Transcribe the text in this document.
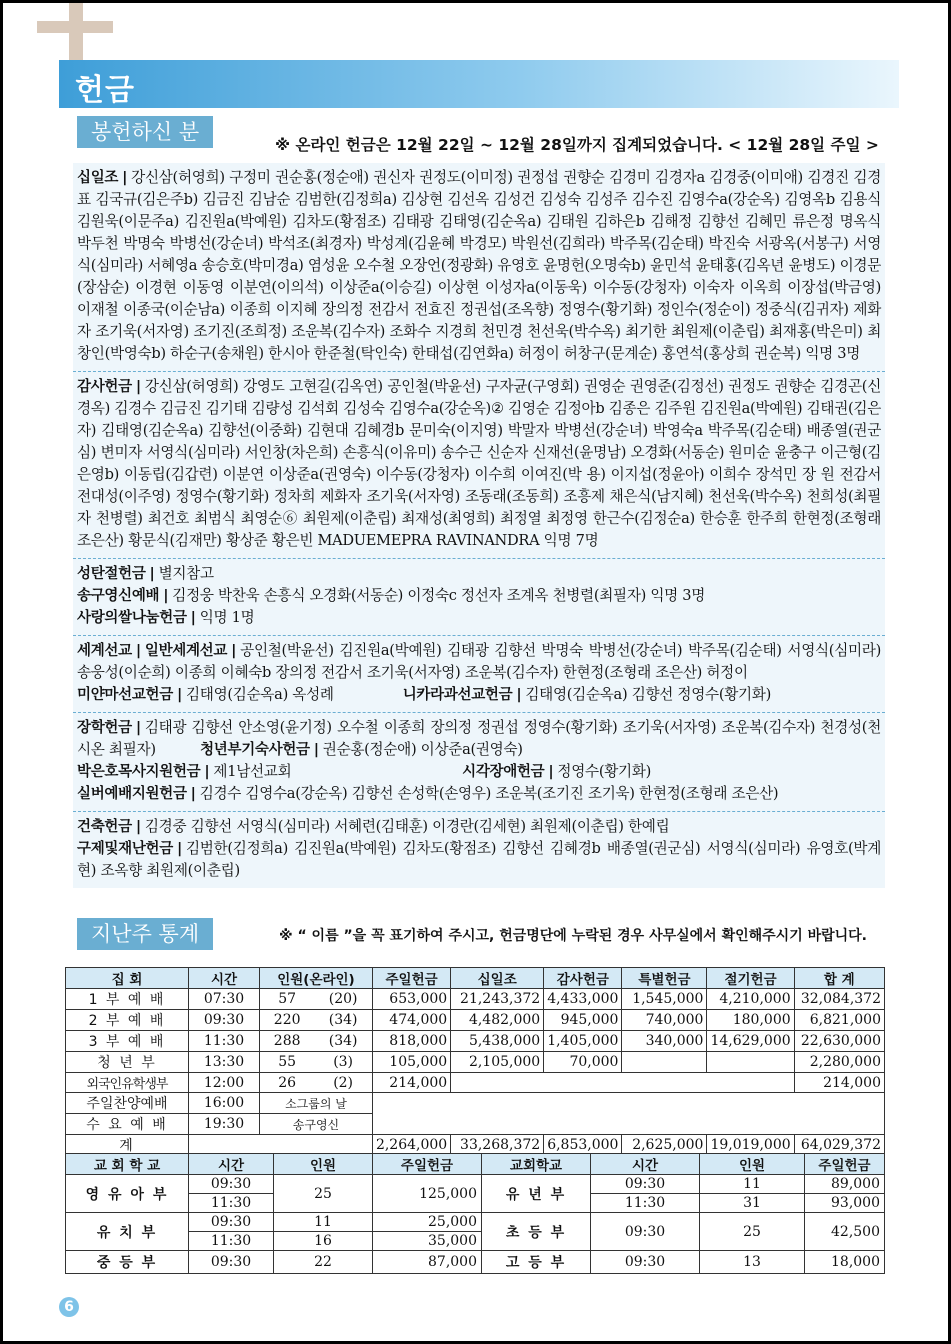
헌금
봉헌하신 분
※ 온라인 헌금은 12월 22일 ~ 12월 28일까지 집계되었습니다. < 12월 28일 주일 >

십일조 | 강신삼(허영희) 구정미 권순홍(정순애) 권신자 권정도(이미정) 권정섭 권향순 김경미 김경자a 김경중(이미애) 김경진 김경표 김국규(김은주b) 김금진 김남순 김범한(김정희a) 김상현 김선옥 김성건 김성숙 김성주 김수진 김영수a(강순옥) 김영옥b 김용식 김원욱(이문주a) 김진원a(박예원) 김차도(황점조) 김태광 김태영(김순옥a) 김태원 김하은b 김해정 김향선 김혜민 류은정 명옥식 박두천 박명숙 박병선(강순녀) 박석조(최경자) 박성계(김윤혜 박경모) 박원선(김희라) 박주목(김순태) 박진숙 서광옥(서봉구) 서영식(심미라) 서혜영a 송승호(박미경a) 염성윤 오수철 오장언(정광화) 유영호 윤명헌(오명숙b) 윤민석 윤태홍(김옥년 윤병도) 이경문(장삼순) 이경현 이동영 이분연(이의석) 이상준a(이승길) 이상현 이성자a(이동욱) 이수동(강청자) 이숙자 이옥희 이장섭(박금영) 이재철 이종국(이순남a) 이종희 이지혜 장의정 전감서 전효진 정권섭(조옥향) 정영수(황기화) 정인수(정순이) 정중식(김귀자) 제화자 조기욱(서자영) 조기진(조희정) 조운복(김수자) 조화수 지경희 천민경 천선욱(박수옥) 최기한 최원제(이춘립) 최재홍(박은미) 최창인(박영숙b) 하순구(송채원) 한시아 한준철(탁인숙) 한태섭(김연화a) 허정이 허창구(문계순) 홍연석(홍상희 권순복) 익명 3명

감사헌금 | 강신삼(허영희) 강영도 고현길(김옥연) 공인철(박윤선) 구자균(구영회) 권영순 권영준(김정선) 권정도 권향순 김경곤(신경옥) 김경수 김금진 김기태 김량성 김석회 김성숙 김영수a(강순옥)② 김영순 김정아b 김종은 김주원 김진원a(박예원) 김태권(김은자) 김태영(김순옥a) 김향선(이중화) 김현대 김혜경b 문미숙(이지영) 박말자 박병선(강순녀) 박영숙a 박주목(김순태) 배종열(권군심) 변미자 서영식(심미라) 서인창(차은희) 손흥식(이유미) 송수근 신순자 신재선(윤명남) 오경화(서동순) 원미순 윤충구 이근형(김은영b) 이동립(김갑련) 이분연 이상준a(권영숙) 이수동(강청자) 이수희 이여진(박 용) 이지섭(정윤아) 이희수 장석민 장 원 전감서 전대성(이주영) 정영수(황기화) 정차희 제화자 조기욱(서자영) 조동래(조동희) 조흥제 채은식(남지혜) 천선욱(박수옥) 천희성(최필자 천병렬) 최건호 최범식 최영순⑥ 최원제(이춘립) 최재성(최영희) 최정열 최정영 한근수(김정순a) 한승훈 한주희 한현정(조형래 조은산) 황문식(김재만) 황상준 황은빈 MADUEMEPRA RAVINANDRA 익명 7명

성탄절헌금 | 별지참고

송구영신예배 | 김정웅 박찬욱 손흥식 오경화(서동순) 이정숙c 정선자 조계옥 천병렬(최필자) 익명 3명

사랑의쌀나눔헌금 | 익명 1명

세계선교 | 일반세계선교 | 공인철(박윤선) 김진원a(박예원) 김태광 김향선 박명숙 박병선(강순녀) 박주목(김순태) 서영식(심미라) 송웅성(이순희) 이종희 이혜숙b 장의정 전감서 조기욱(서자영) 조운복(김수자) 한현정(조형래 조은산) 허정이

미얀마선교헌금 | 김태영(김순옥a) 옥성례	니카라과선교헌금 | 김태영(김순옥a) 김향선 정영수(황기화)

장학헌금 | 김태광 김향선 안소영(윤기정) 오수철 이종희 장의정 정권섭 정영수(황기화) 조기욱(서자영) 조운복(김수자) 천경성(천시온 최필자)	청년부기숙사헌금 | 권순홍(정순애) 이상준a(권영숙)

박은호목사지원헌금 | 제1남선교회	시각장애헌금 | 정영수(황기화)

실버예배지원헌금 | 김경수 김영수a(강순옥) 김향선 손성학(손영우) 조운복(조기진 조기욱) 한현정(조형래 조은산)

건축헌금 | 김경중 김향선 서영식(심미라) 서혜련(김태훈) 이경란(김세현) 최원제(이춘립) 한예립

구제및재난헌금 | 김범한(김정희a) 김진원a(박예원) 김차도(황점조) 김향선 김혜경b 배종열(권군심) 서영식(심미라) 유영호(박계현) 조옥향 최원제(이춘립)

지난주 통계	※ “ 이름 ”을 꼭 표기하여 주시고, 헌금명단에 누락된 경우 사무실에서 확인해주시기 바랍니다.
집 회	시간	인원(온라인)		주일헌금	십일조	감사헌금	특별헌금	절기헌금	합 계
1 부 예 배	07:30	57	(20)	653,000	21,243,372	4,433,000	1,545,000	4,210,000	32,084,372
2 부 예 배	09:30	220	(34)	474,000	4,482,000	945,000	740,000	180,000	6,821,000
3 부 예 배	11:30	288	(34)	818,000	5,438,000	1,405,000	340,000	14,629,000	22,630,000
청 년 부	13:30	55	(3)	105,000	2,105,000	70,000			2,280,000
외국인유학생부	12:00	26	(2)	214,000					214,000
주일찬양예배	16:00	소그룹의 날							
수 요 예 배	19:30	송구영신							
계				2,264,000	33,268,372	6,853,000	2,625,000	19,019,000	64,029,372
교 회 학 교	시간	인원	주일헌금	교회학교	시간	인원	주일헌금
영 유 아 부	09:30	25	125,000	유 년 부	09:30	11	89,000
	11:30				11:30	31	93,000
유 치 부	09:30	11	25,000	초 등 부	09:30	25	42,500
	11:30	16	35,000				
중 등 부	09:30	22	87,000	고 등 부	09:30	13	18,000
6
